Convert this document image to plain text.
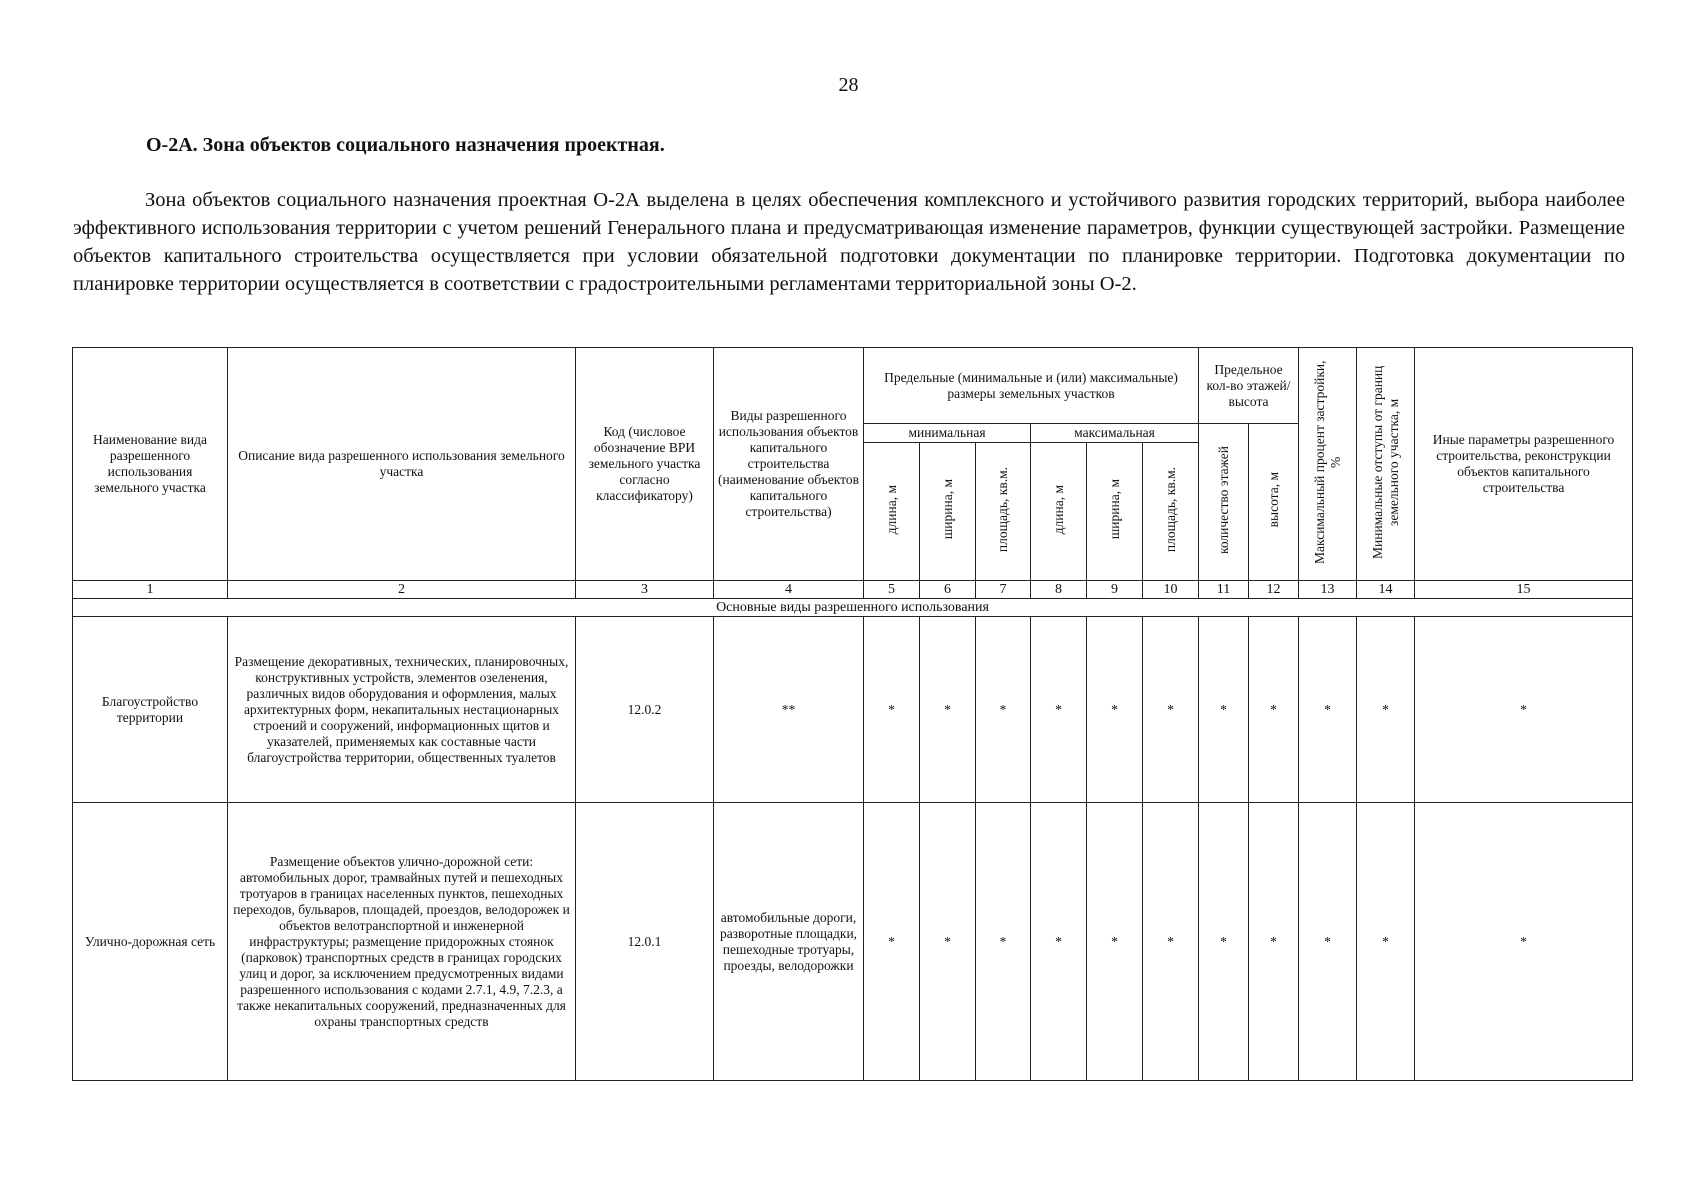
28
О-2А. Зона объектов социального назначения проектная.

Зона объектов социального назначения проектная О-2А выделена в целях обеспечения комплексного и устойчивого развития городских территорий, выбора наиболее эффективного использования территории с учетом решений Генерального плана и предусматривающая изменение параметров, функции существующей застройки. Размещение объектов капитального строительства осуществляется при условии обязательной подготовки документации по планировке территории. Подготовка документации по планировке территории осуществляется в соответствии с градостроительными регламентами территориальной зоны О-2.

Наименование вида разрешенного использования земельного участка	Описание вида разрешенного использования земельного участка	Код (числовое обозначение ВРИ земельного участка согласно классификатору)	Виды разрешенного использования объектов капитального строительства (наименование объектов капитального строительства)	Предельные (минимальные и (или) максимальные) размеры земельных участков						Предельное кол-во этажей/ высота		Максимальный процент застройки, %	Минимальные отступы от границ земельного участка, м	Иные параметры разрешенного строительства, реконструкции объектов капитального строительства
				минимальная			максимальная			количество этажей	высота, м			
				длина, м	ширина, м	площадь, кв.м.	длина, м	ширина, м	площадь, кв.м.					
1	2	3	4	5	6	7	8	9	10	11	12	13	14	15
Основные виды разрешенного использования														
Благоустройство территории	Размещение декоративных, технических, планировочных, конструктивных устройств, элементов озеленения, различных видов оборудования и оформления, малых архитектурных форм, некапитальных нестационарных строений и сооружений, информационных щитов и указателей, применяемых как составные части благоустройства территории, общественных туалетов	12.0.2	**	*	*	*	*	*	*	*	*	*	*	*
Улично-дорожная сеть	Размещение объектов улично-дорожной сети: автомобильных дорог, трамвайных путей и пешеходных тротуаров в границах населенных пунктов, пешеходных переходов, бульваров, площадей, проездов, велодорожек и объектов велотранспортной и инженерной инфраструктуры; размещение придорожных стоянок (парковок) транспортных средств в границах городских улиц и дорог, за исключением предусмотренных видами разрешенного использования с кодами 2.7.1, 4.9, 7.2.3, а также некапитальных сооружений, предназначенных для охраны транспортных средств	12.0.1	автомобильные дороги, разворотные площадки, пешеходные тротуары, проезды, велодорожки	*	*	*	*	*	*	*	*	*	*	*
